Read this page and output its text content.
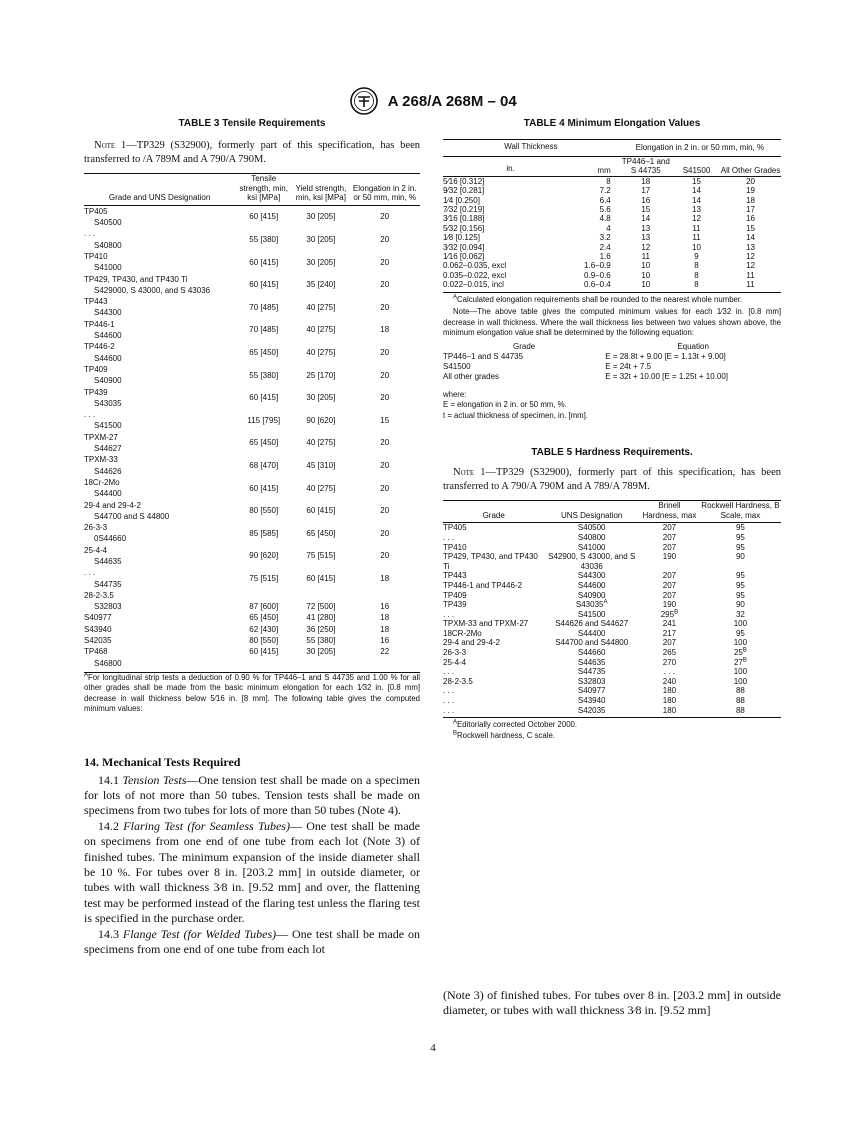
A 268/A 268M – 04
TABLE 3 Tensile Requirements

Note 1—TP329 (S32900), formerly part of this specification, has been transferred to /A 789M and A 790/A 790M.

Grade and UNS Designation	Tensile strength, min, ksi [MPa]	Yield strength, min, ksi [MPa]	Elongation in 2 in. or 50 mm, min, %
TP405	60 [415]	30 [205]	20
S40500			
. . .	55 [380]	30 [205]	20
S40800			
TP410	60 [415]	30 [205]	20
S41000			
TP429, TP430, and TP430 Ti	60 [415]	35 [240]	20
S429000, S 43000, and S 43036			
TP443	70 [485]	40 [275]	20
S44300			
TP446-1	70 [485]	40 [275]	18
S44600			
TP446-2	65 [450]	40 [275]	20
S44600			
TP409	55 [380]	25 [170]	20
S40900			
TP439	60 [415]	30 [205]	20
S43035			
. . .	115 [795]	90 [620]	15
S41500			
TPXM-27	65 [450]	40 [275]	20
S44627			
TPXM-33	68 [470]	45 [310]	20
S44626			
18Cr-2Mo	60 [415]	40 [275]	20
S44400			
29-4 and 29-4-2	80 [550]	60 [415]	20
S44700 and S 44800			
26-3-3	85 [585]	65 [450]	20
0S44660			
25-4-4	90 [620]	75 [515]	20
S44635			
. . .	75 [515]	60 [415]	18
S44735			
28-2-3.5			
S32803	87 [600]	72 [500]	16
S40977	65 [450]	41 [280]	18
S43940	62 [430]	36 [250]	18
S42035	80 [550]	55 [380]	16
TP468	60 [415]	30 [205]	22
S46800			

$^A$For longitudinal strip tests a deduction of 0.90 % for TP446–1 and S 44735 and 1.00 % for all other grades shall be made from the basic minimum elongation for each 1⁄32 in. [0.8 mm] decrease in wall thickness below 5⁄16 in. [8 mm]. The following table gives the computed minimum values:

14. Mechanical Tests Required

14.1 Tension Tests—One tension test shall be made on a specimen for lots of not more than 50 tubes. Tension tests shall be made on specimens from two tubes for lots of more than 50 tubes (Note 4).

14.2 Flaring Test (for Seamless Tubes)— One test shall be made on specimens from one end of one tube from each lot (Note 3) of finished tubes. The minimum expansion of the inside diameter shall be 10 %. For tubes over 8 in. [203.2 mm] in outside diameter, or tubes with wall thickness 3⁄8 in. [9.52 mm] and over, the flattening test may be performed instead of the flaring test unless the flaring test is specified in the purchase order.

14.3 Flange Test (for Welded Tubes)— One test shall be made on specimens from one end of one tube from each lot

TABLE 4 Minimum Elongation Values
Wall Thickness		Elongation in 2 in. or 50 mm, min, %		
in.	mm	TP446–1 and S 44735	S41500	All Other Grades
5⁄16 [0.312]	8	18	15	20
9⁄32 [0.281]	7.2	17	14	19
1⁄4 [0.250]	6.4	16	14	18
7⁄32 [0.219]	5.6	15	13	17
3⁄16 [0.188]	4.8	14	12	16
5⁄32 [0.156]	4	13	11	15
1⁄8 [0.125]	3.2	13	11	14
3⁄32 [0.094]	2.4	12	10	13
1⁄16 [0.062]	1.6	11	9	12
0.062–0.035, excl	1.6–0.9	10	8	12
0.035–0.022, excl	0.9–0.6	10	8	11
0.022–0.015, incl	0.6–0.4	10	8	11

$^A$Calculated elongation requirements shall be rounded to the nearest whole number.

Note—The above table gives the computed minimum values for each 1⁄32 in. [0.8 mm] decrease in wall thickness. Where the wall thickness lies between two values shown above, the minimum elongation value shall be determined by the following equation:

Grade	Equation
TP446–1 and S 44735	E = 28.8t + 9.00 [E = 1.13t + 9.00]
S41500	E = 24t + 7.5
All other grades	E = 32t + 10.00 [E = 1.25t + 10.00]

where:

E = elongation in 2 in. or 50 mm, %.

t = actual thickness of specimen, in. [mm].

TABLE 5 Hardness Requirements.

Note 1—TP329 (S32900), formerly part of this specification, has been transferred to A 790/A 790M and A 789/A 789M.

Grade	UNS Designation	Brinell Hardness, max	Rockwell Hardness, B Scale, max
TP405	S40500	207	95
. . .	S40800	207	95
TP410	S41000	207	95
TP429, TP430, and TP430 Ti	S42900, S 43000, and S 43036	190	90
TP443	S44300	207	95
TP446-1 and TP446-2	S44600	207	95
TP409	S40900	207	95
TP439	$S43035^A$	190	90
. . .	S41500	$295^B$	32
TPXM-33 and TPXM-27	S44626 and S44627	241	100
18CR-2Mo	S44400	217	95
29-4 and 29-4-2	S44700 and S44800	207	100
26-3-3	S44660	265	$25^B$
25-4-4	S44635	270	$27^B$
. . .	S44735	. . .	100
28-2-3.5	S32803	240	100
. . .	S40977	180	88
. . .	S43940	180	88
. . .	S42035	180	88

$^A$Editorially corrected October 2000.

$^B$Rockwell hardness, C scale.

(Note 3) of finished tubes. For tubes over 8 in. [203.2 mm] in outside diameter, or tubes with wall thickness 3⁄8 in. [9.52 mm]

4
